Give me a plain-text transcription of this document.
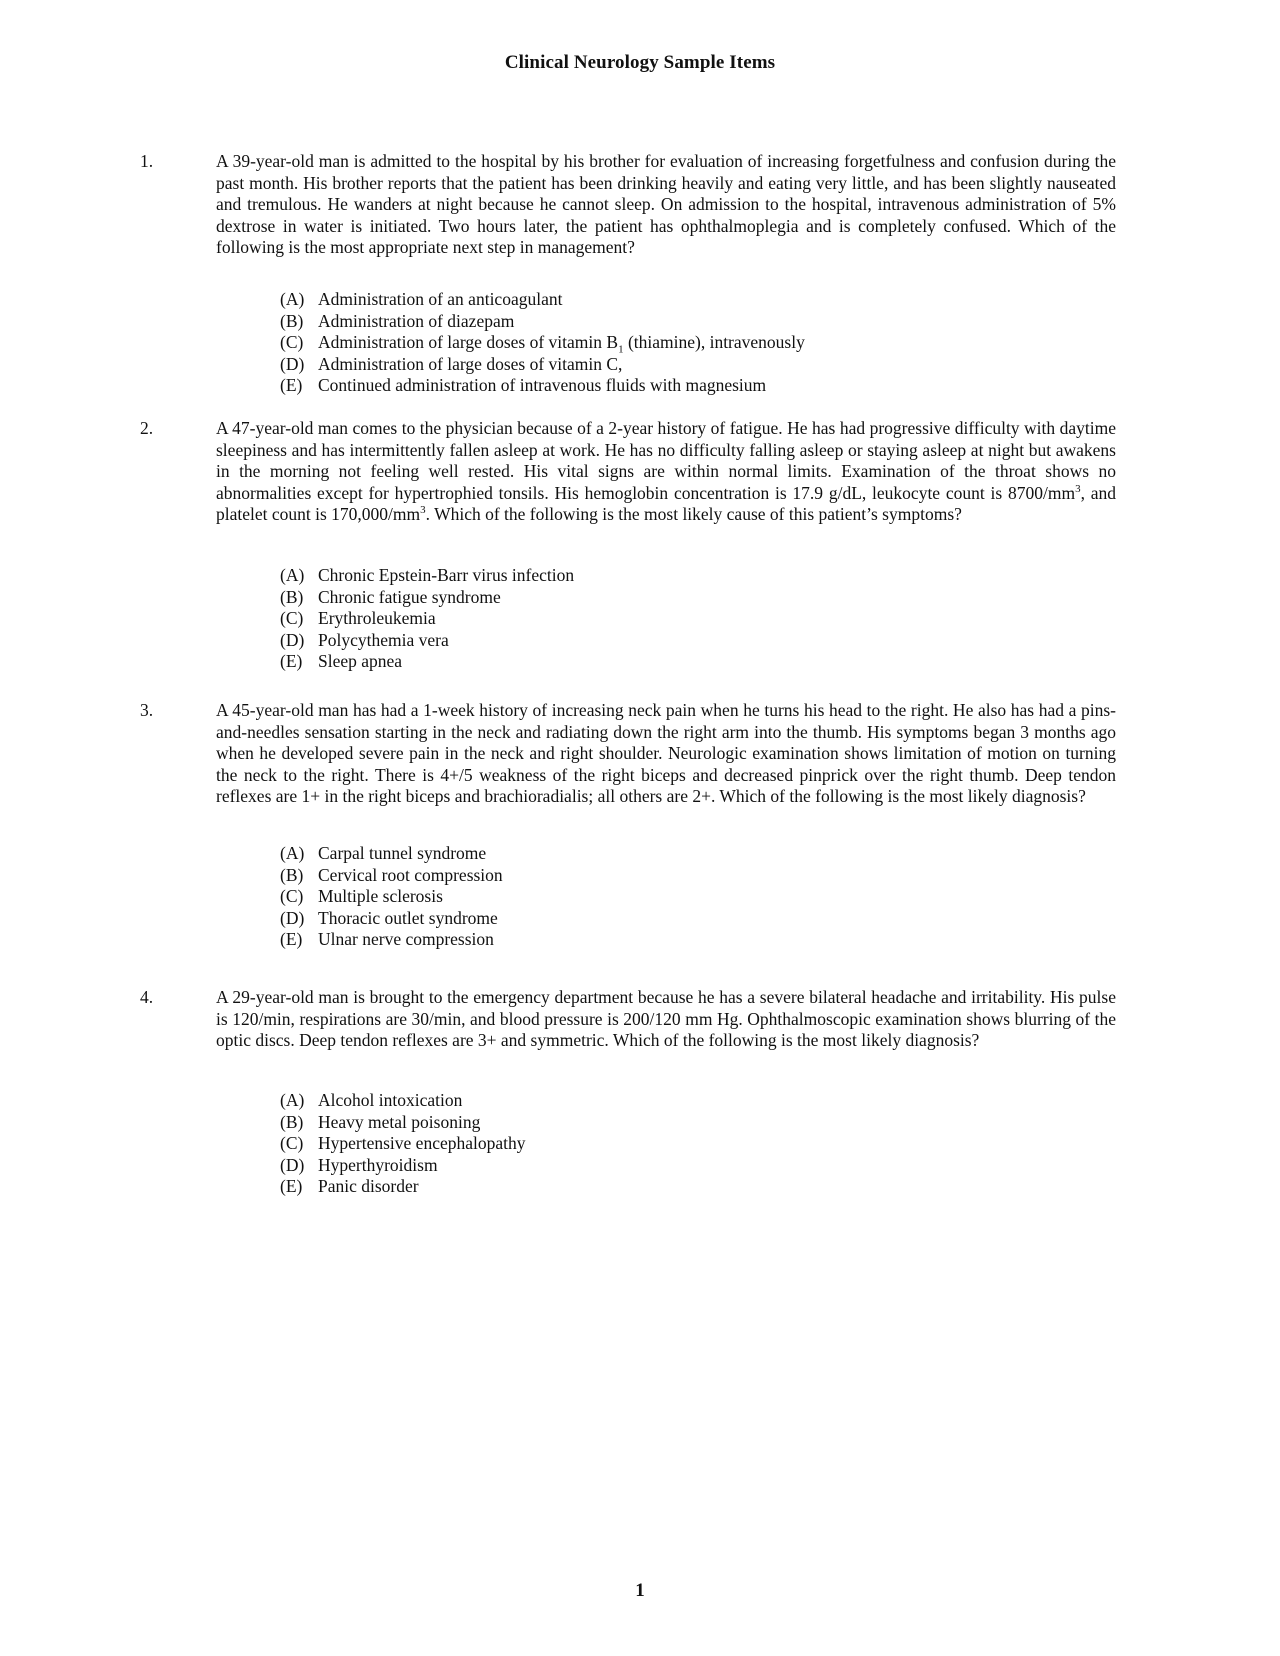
Clinical Neurology Sample Items
1.	A 39-year-old man is admitted to the hospital by his brother for evaluation of increasing forgetfulness and confusion during the past month. His brother reports that the patient has been drinking heavily and eating very little, and has been slightly nauseated and tremulous. He wanders at night because he cannot sleep. On admission to the hospital, intravenous administration of 5% dextrose in water is initiated. Two hours later, the patient has ophthalmoplegia and is completely confused. Which of the following is the most appropriate next step in management?
(A) Administration of an anticoagulant
(B) Administration of diazepam
(C) Administration of large doses of vitamin $B_1$ (thiamine), intravenously
(D) Administration of large doses of vitamin C,
(E) Continued administration of intravenous fluids with magnesium
2.	A 47-year-old man comes to the physician because of a 2-year history of fatigue. He has had progressive difficulty with daytime sleepiness and has intermittently fallen asleep at work. He has no difficulty falling asleep or staying asleep at night but awakens in the morning not feeling well rested. His vital signs are within normal limits. Examination of the throat shows no abnormalities except for hypertrophied tonsils. His hemoglobin concentration is 17.9 g/dL, leukocyte count is $8700/mm^3$, and platelet count is $170,000/mm^3$. Which of the following is the most likely cause of this patient’s symptoms?
(A) Chronic Epstein-Barr virus infection
(B) Chronic fatigue syndrome
(C) Erythroleukemia
(D) Polycythemia vera
(E) Sleep apnea
3.	A 45-year-old man has had a 1-week history of increasing neck pain when he turns his head to the right. He also has had a pins-and-needles sensation starting in the neck and radiating down the right arm into the thumb. His symptoms began 3 months ago when he developed severe pain in the neck and right shoulder. Neurologic examination shows limitation of motion on turning the neck to the right. There is 4+/5 weakness of the right biceps and decreased pinprick over the right thumb. Deep tendon reflexes are 1+ in the right biceps and brachioradialis; all others are 2+. Which of the following is the most likely diagnosis?
(A) Carpal tunnel syndrome
(B) Cervical root compression
(C) Multiple sclerosis
(D) Thoracic outlet syndrome
(E) Ulnar nerve compression
4.	A 29-year-old man is brought to the emergency department because he has a severe bilateral headache and irritability. His pulse is 120/min, respirations are 30/min, and blood pressure is 200/120 mm Hg. Ophthalmoscopic examination shows blurring of the optic discs. Deep tendon reflexes are 3+ and symmetric. Which of the following is the most likely diagnosis?
(A) Alcohol intoxication
(B) Heavy metal poisoning
(C) Hypertensive encephalopathy
(D) Hyperthyroidism
(E) Panic disorder
1
